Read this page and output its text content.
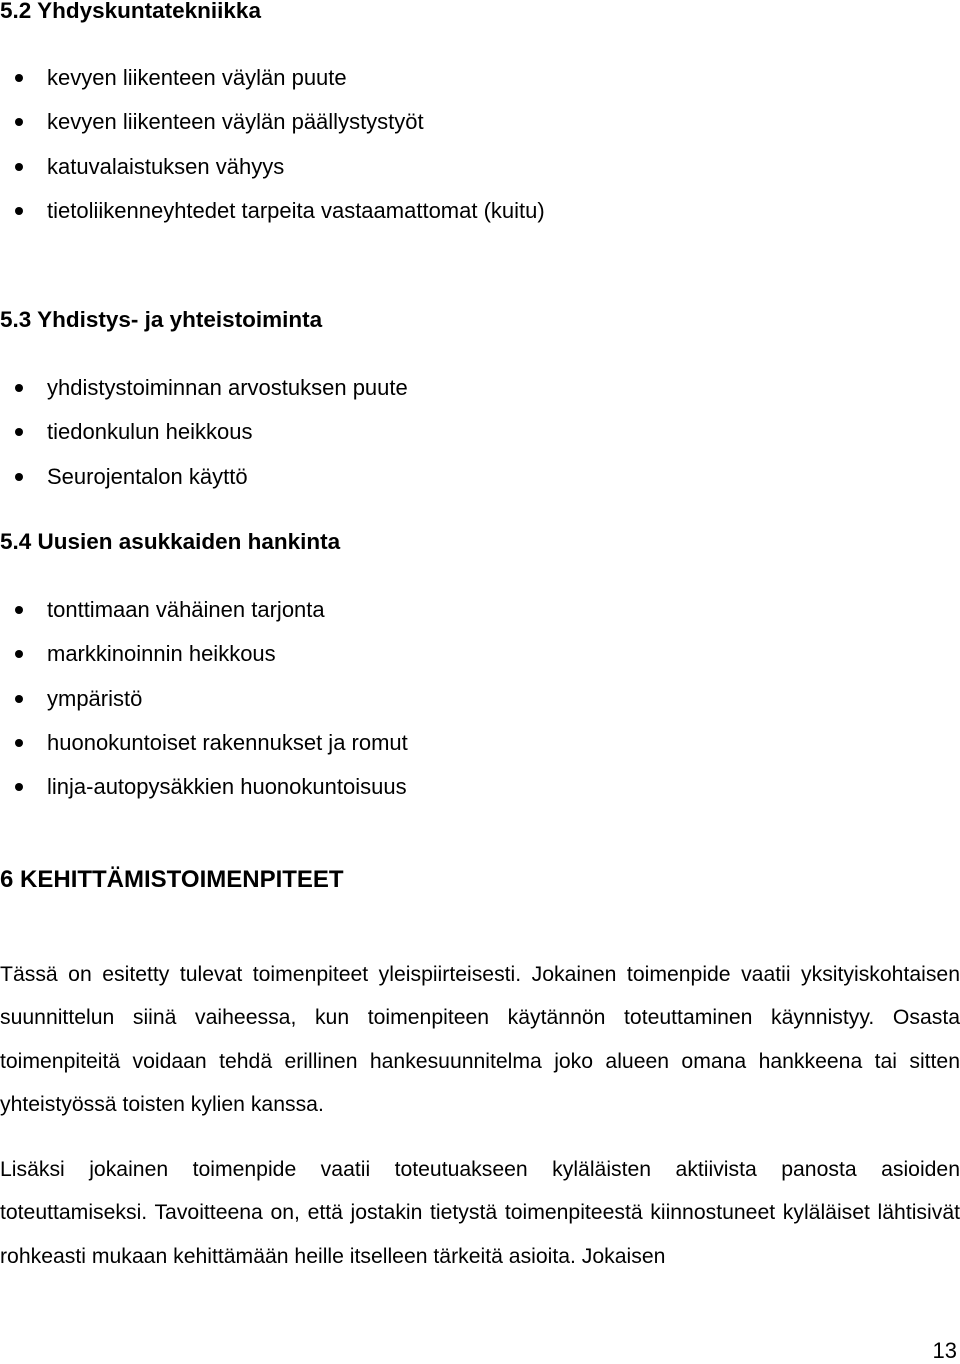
5.2 Yhdyskuntatekniikka
kevyen liikenteen väylän puute
kevyen liikenteen väylän päällystystyöt
katuvalaistuksen vähyys
tietoliikenneyhtedet tarpeita vastaamattomat (kuitu)
5.3 Yhdistys- ja yhteistoiminta
yhdistystoiminnan arvostuksen puute
tiedonkulun heikkous
Seurojentalon käyttö
5.4 Uusien asukkaiden hankinta
tonttimaan vähäinen tarjonta
markkinoinnin heikkous
ympäristö
huonokuntoiset rakennukset ja romut
linja-autopysäkkien huonokuntoisuus
6 KEHITTÄMISTOIMENPITEET

Tässä on esitetty tulevat toimenpiteet yleispiirteisesti. Jokainen toimenpide vaatii yksityiskohtaisen suunnittelun siinä vaiheessa, kun toimenpiteen käytännön toteuttaminen käynnistyy. Osasta toimenpiteitä voidaan tehdä erillinen hankesuunnitelma joko alueen omana hankkeena tai sitten yhteistyössä toisten kylien kanssa.

Lisäksi jokainen toimenpide vaatii toteutuakseen kyläläisten aktiivista panosta asioiden toteuttamiseksi. Tavoitteena on, että jostakin tietystä toimenpiteestä kiinnostuneet kyläläiset lähtisivät rohkeasti mukaan kehittämään heille itselleen tärkeitä asioita. Jokaisen

13
